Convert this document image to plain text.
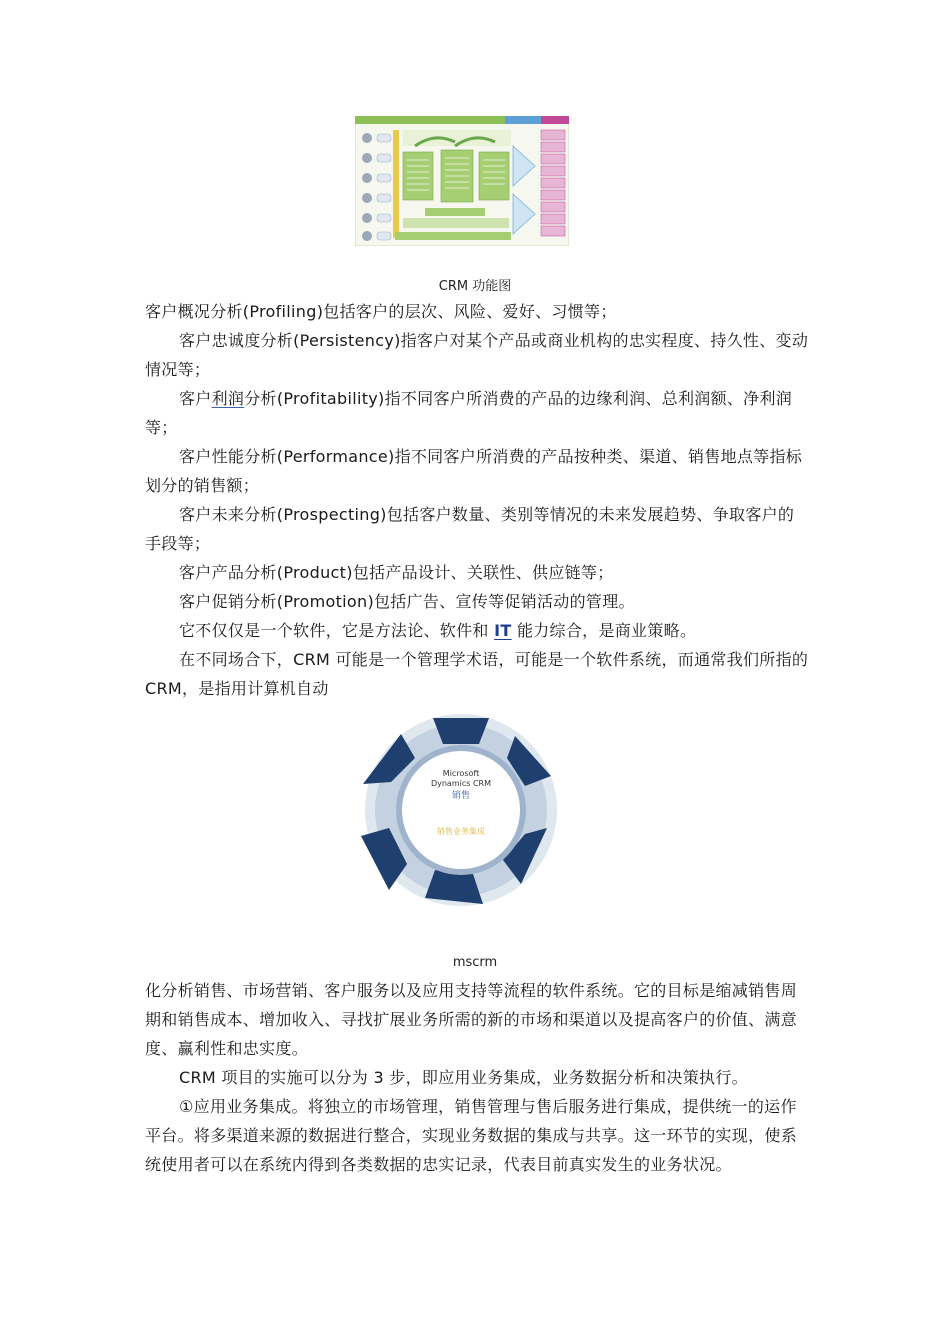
CRM 功能图

客户概况分析(Profiling)包括客户的层次、风险、爱好、习惯等；

客户忠诚度分析(Persistency)指客户对某个产品或商业机构的忠实程度、持久性、变动情况等；

客户利润分析(Profitability)指不同客户所消费的产品的边缘利润、总利润额、净利润等；

客户性能分析(Performance)指不同客户所消费的产品按种类、渠道、销售地点等指标划分的销售额；

客户未来分析(Prospecting)包括客户数量、类别等情况的未来发展趋势、争取客户的手段等；

客户产品分析(Product)包括产品设计、关联性、供应链等；

客户促销分析(Promotion)包括广告、宣传等促销活动的管理。

它不仅仅是一个软件，它是方法论、软件和 IT 能力综合，是商业策略。

在不同场合下，CRM 可能是一个管理学术语，可能是一个软件系统，而通常我们所指的 CRM，是指用计算机自动

Microsoft
Dynamics CRM
销售
销售业务集成
mscrm

化分析销售、市场营销、客户服务以及应用支持等流程的软件系统。它的目标是缩减销售周期和销售成本、增加收入、寻找扩展业务所需的新的市场和渠道以及提高客户的价值、满意度、赢利性和忠实度。

CRM 项目的实施可以分为 3 步，即应用业务集成，业务数据分析和决策执行。

①应用业务集成。将独立的市场管理，销售管理与售后服务进行集成，提供统一的运作平台。将多渠道来源的数据进行整合，实现业务数据的集成与共享。这一环节的实现，使系统使用者可以在系统内得到各类数据的忠实记录，代表目前真实发生的业务状况。
